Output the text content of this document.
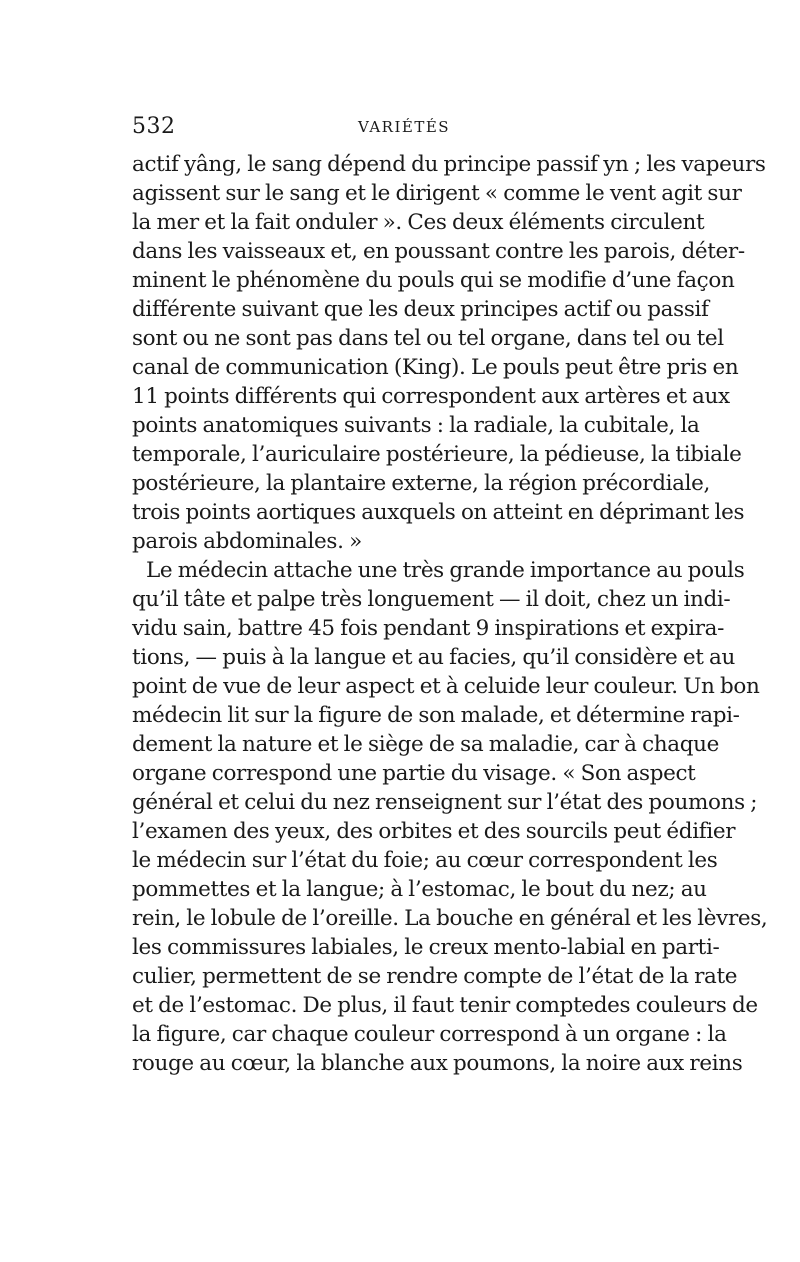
532	VARIÉTÉS
actif yâng, le sang dépend du principe passif yn ; les vapeurs
agissent sur le sang et le dirigent « comme le vent agit sur
la mer et la fait onduler ». Ces deux éléments circulent
dans les vaisseaux et, en poussant contre les parois, déter-
minent le phénomène du pouls qui se modifie d’une façon
différente suivant que les deux principes actif ou passif
sont ou ne sont pas dans tel ou tel organe, dans tel ou tel
canal de communication (King). Le pouls peut être pris en
11 points différents qui correspondent aux artères et aux
points anatomiques suivants : la radiale, la cubitale, la
temporale, l’auriculaire postérieure, la pédieuse, la tibiale
postérieure, la plantaire externe, la région précordiale,
trois points aortiques auxquels on atteint en déprimant les
parois abdominales. »
Le médecin attache une très grande importance au pouls
qu’il tâte et palpe très longuement — il doit, chez un indi-
vidu sain, battre 45 fois pendant 9 inspirations et expira-
tions, — puis à la langue et au facies, qu’il considère et au
point de vue de leur aspect et à celuide leur couleur. Un bon
médecin lit sur la figure de son malade, et détermine rapi-
dement la nature et le siège de sa maladie, car à chaque
organe correspond une partie du visage. « Son aspect
général et celui du nez renseignent sur l’état des poumons ;
l’examen des yeux, des orbites et des sourcils peut édifier
le médecin sur l’état du foie; au cœur correspondent les
pommettes et la langue; à l’estomac, le bout du nez; au
rein, le lobule de l’oreille. La bouche en général et les lèvres,
les commissures labiales, le creux mento-labial en parti-
culier, permettent de se rendre compte de l’état de la rate
et de l’estomac. De plus, il faut tenir comptedes couleurs de
la figure, car chaque couleur correspond à un organe : la
rouge au cœur, la blanche aux poumons, la noire aux reins
